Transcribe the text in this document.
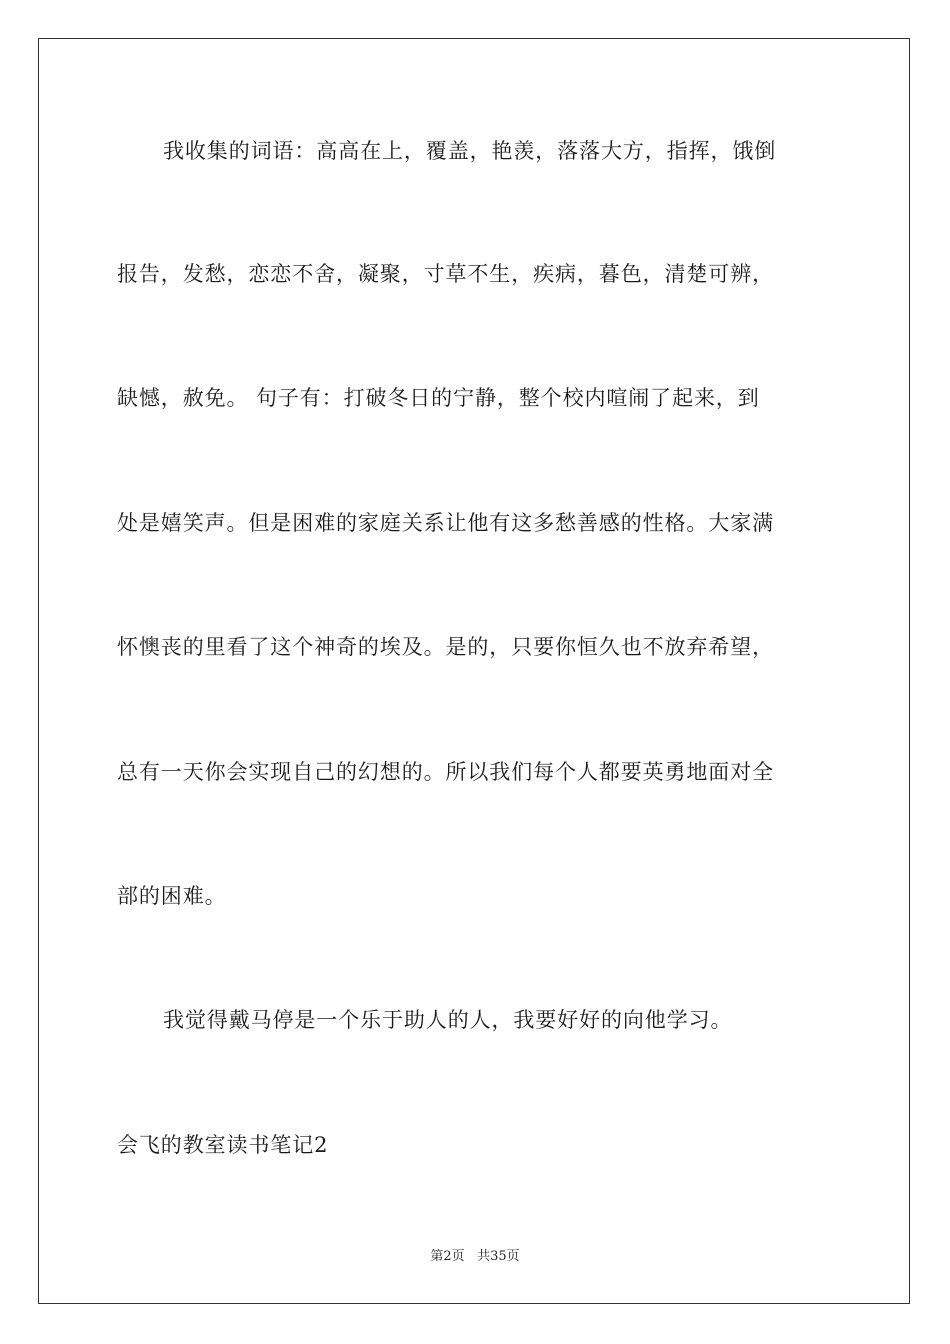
我收集的词语：高高在上，覆盖，艳羡，落落大方，指挥，饿倒
报告，发愁，恋恋不舍，凝聚，寸草不生，疾病，暮色，清楚可辨，
缺憾，赦免。 句子有：打破冬日的宁静，整个校内喧闹了起来，到
处是嬉笑声。但是困难的家庭关系让他有这多愁善感的性格。大家满
怀懊丧的里看了这个神奇的埃及。是的，只要你恒久也不放弃希望，
总有一天你会实现自己的幻想的。所以我们每个人都要英勇地面对全
部的困难。
我觉得戴马停是一个乐于助人的人，我要好好的向他学习。
会飞的教室读书笔记2
第2页 共35页
